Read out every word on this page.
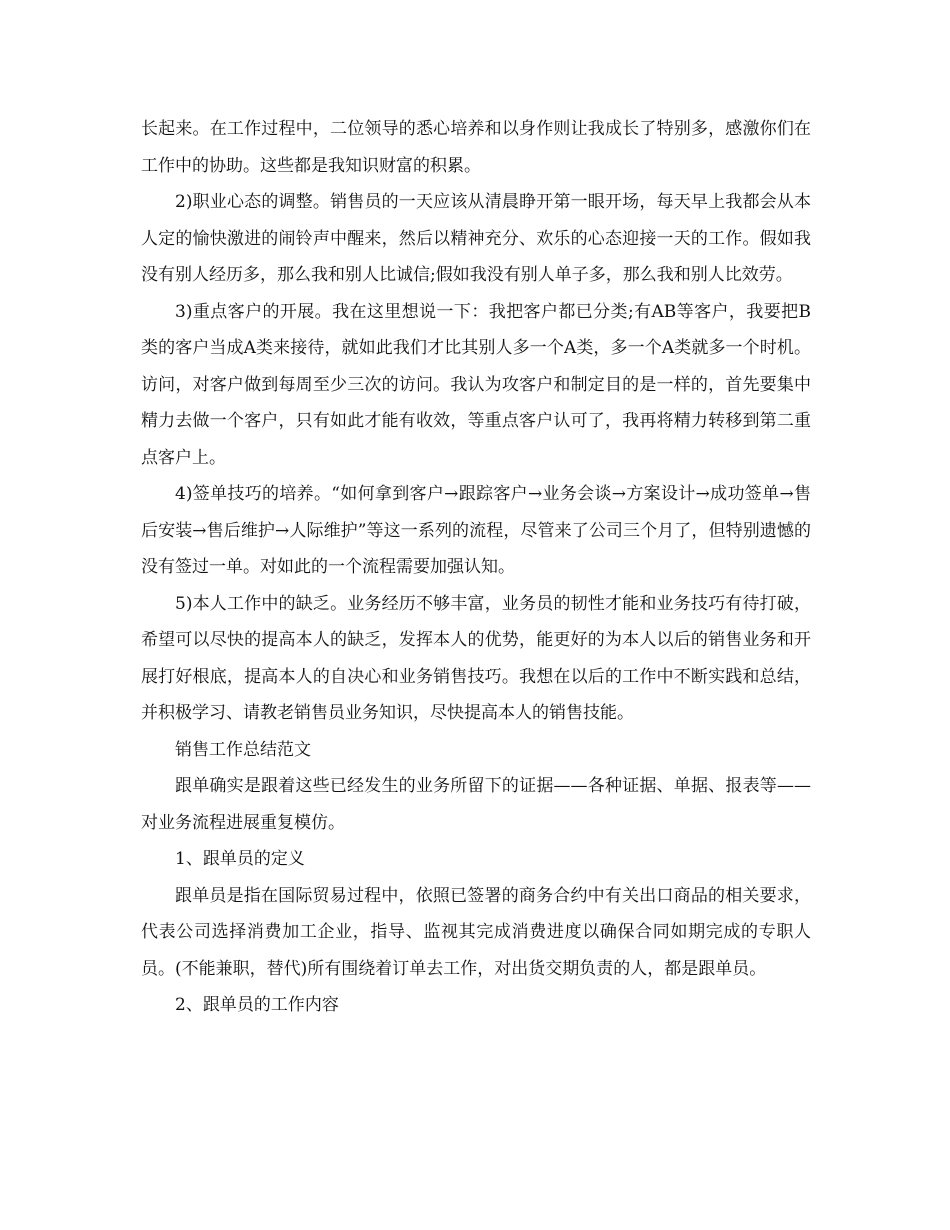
长起来。在工作过程中，二位领导的悉心培养和以身作则让我成长了特别多，感激你们在工作中的协助。这些都是我知识财富的积累。

2)职业心态的调整。销售员的一天应该从清晨睁开第一眼开场，每天早上我都会从本人定的愉快激进的闹铃声中醒来，然后以精神充分、欢乐的心态迎接一天的工作。假如我没有别人经历多，那么我和别人比诚信;假如我没有别人单子多，那么我和别人比效劳。

3)重点客户的开展。我在这里想说一下：我把客户都已分类;有AB等客户，我要把B类的客户当成A类来接待，就如此我们才比其别人多一个A类，多一个A类就多一个时机。访问，对客户做到每周至少三次的访问。我认为攻客户和制定目的是一样的，首先要集中精力去做一个客户，只有如此才能有收效，等重点客户认可了，我再将精力转移到第二重点客户上。

4)签单技巧的培养。“如何拿到客户→跟踪客户→业务会谈→方案设计→成功签单→售后安装→售后维护→人际维护”等这一系列的流程，尽管来了公司三个月了，但特别遗憾的没有签过一单。对如此的一个流程需要加强认知。

5)本人工作中的缺乏。业务经历不够丰富，业务员的韧性才能和业务技巧有待打破，希望可以尽快的提高本人的缺乏，发挥本人的优势，能更好的为本人以后的销售业务和开展打好根底，提高本人的自决心和业务销售技巧。我想在以后的工作中不断实践和总结，并积极学习、请教老销售员业务知识，尽快提高本人的销售技能。

销售工作总结范文

跟单确实是跟着这些已经发生的业务所留下的证据——各种证据、单据、报表等——对业务流程进展重复模仿。

1、跟单员的定义

跟单员是指在国际贸易过程中，依照已签署的商务合约中有关出口商品的相关要求，代表公司选择消费加工企业，指导、监视其完成消费进度以确保合同如期完成的专职人员。(不能兼职，替代)所有围绕着订单去工作，对出货交期负责的人，都是跟单员。

2、跟单员的工作内容
